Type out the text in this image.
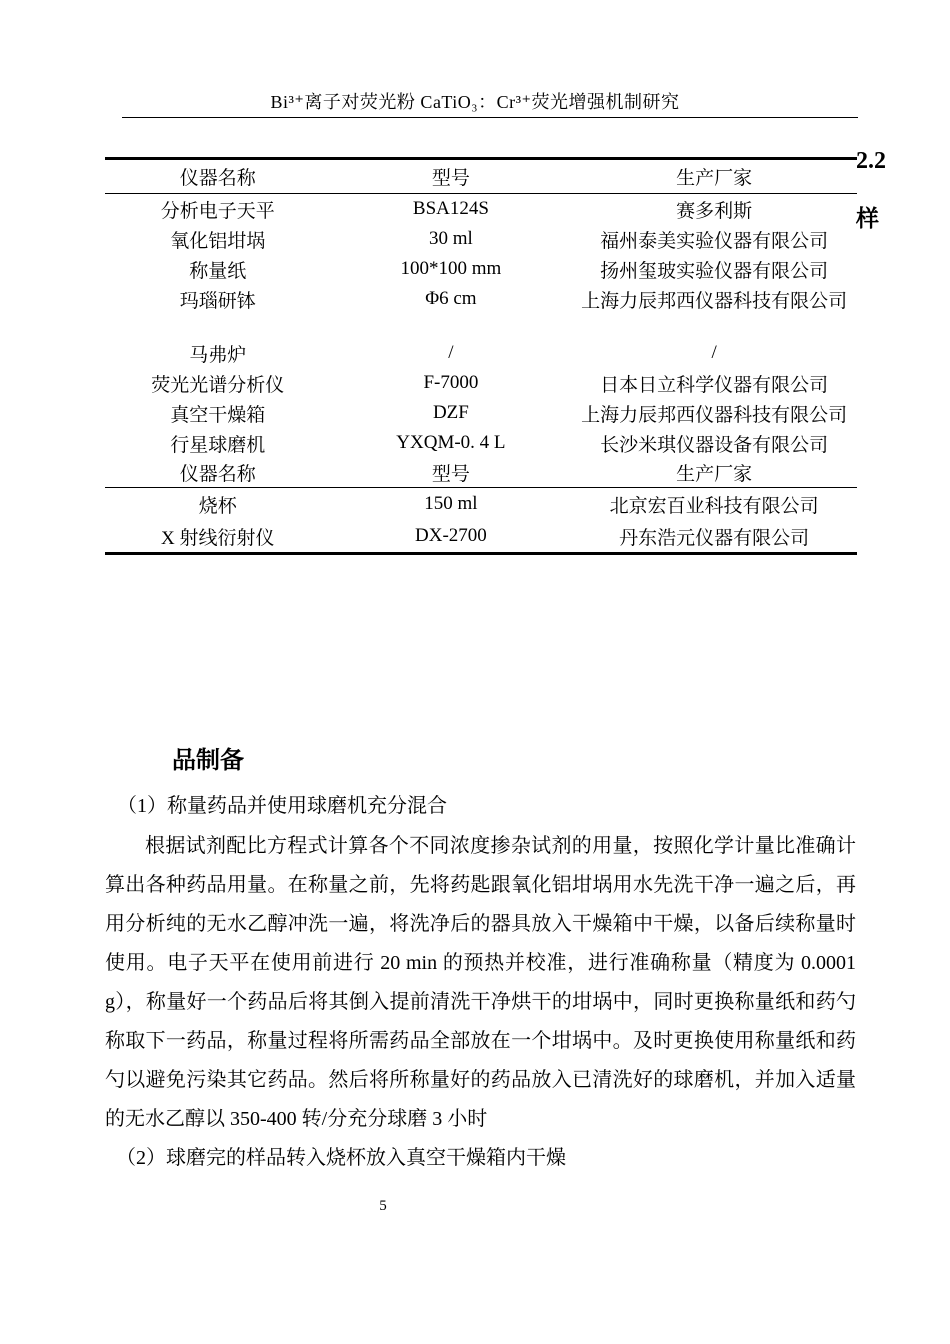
Bi³⁺离子对荧光粉 CaTiO₃：Cr³⁺荧光增强机制研究
2.2
样
仪器名称	型号	生产厂家
分析电子天平	BSA124S	赛多利斯
氧化铝坩埚	30 ml	福州泰美实验仪器有限公司
称量纸	100*100 mm	扬州玺玻实验仪器有限公司
玛瑙研钵	Φ6 cm	上海力辰邦西仪器科技有限公司
马弗炉	/	/
荧光光谱分析仪	F-7000	日本日立科学仪器有限公司
真空干燥箱	DZF	上海力辰邦西仪器科技有限公司
行星球磨机	YXQM-0. 4 L	长沙米琪仪器设备有限公司
仪器名称	型号	生产厂家
烧杯	150 ml	北京宏百业科技有限公司
X 射线衍射仪	DX-2700	丹东浩元仪器有限公司
品制备
（1）称量药品并使用球磨机充分混合
根据试剂配比方程式计算各个不同浓度掺杂试剂的用量，按照化学计量比准确计
算出各种药品用量。在称量之前，先将药匙跟氧化铝坩埚用水先洗干净一遍之后，再
用分析纯的无水乙醇冲洗一遍，将洗净后的器具放入干燥箱中干燥，以备后续称量时
使用。电子天平在使用前进行 20 min 的预热并校准，进行准确称量（精度为 0.0001
g），称量好一个药品后将其倒入提前清洗干净烘干的坩埚中，同时更换称量纸和药勺
称取下一药品，称量过程将所需药品全部放在一个坩埚中。及时更换使用称量纸和药
勺以避免污染其它药品。然后将所称量好的药品放入已清洗好的球磨机，并加入适量
的无水乙醇以 350-400 转/分充分球磨 3 小时
（2）球磨完的样品转入烧杯放入真空干燥箱内干燥
5
